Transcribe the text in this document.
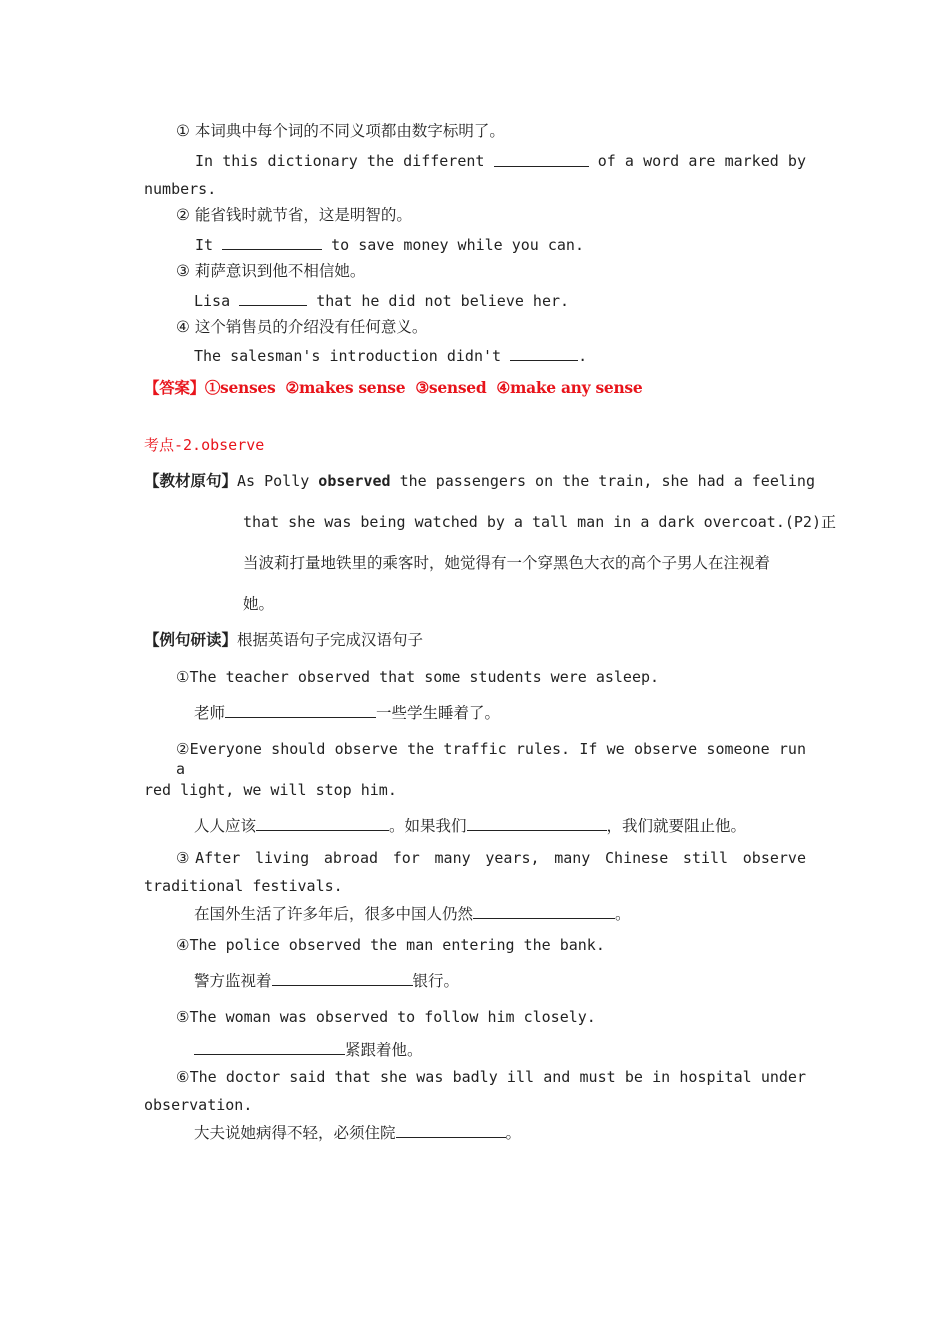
① 本词典中每个词的不同义项都由数字标明了。
In this dictionary the different	of a word are marked by
numbers.
② 能省钱时就节省，这是明智的。
It	to save money while you can.
③ 莉萨意识到他不相信她。
Lisa	that he did not believe her.
④ 这个销售员的介绍没有任何意义。
The salesman's introduction didn't	.
【答案】①senses ②makes sense ③sensed ④make any sense
考点-2.observe
【教材原句】As Polly observed the passengers on the train, she had a feeling
that she was being watched by a tall man in a dark overcoat.(P2)正
当波莉打量地铁里的乘客时，她觉得有一个穿黑色大衣的高个子男人在注视着
她。
【例句研读】根据英语句子完成汉语句子
①The teacher observed that some students were asleep.
老师	一些学生睡着了。
②Everyone should observe the traffic rules. If we observe someone run a
red light, we will stop him.
人人应该	。如果我们	，我们就要阻止他。
③After living abroad for many years, many Chinese still observe
traditional festivals.
在国外生活了许多年后，很多中国人仍然	。
④The police observed the man entering the bank.
警方监视着	银行。
⑤The woman was observed to follow him closely.
紧跟着他。
⑥The doctor said that she was badly ill and must be in hospital under
observation.
大夫说她病得不轻，必须住院	。
